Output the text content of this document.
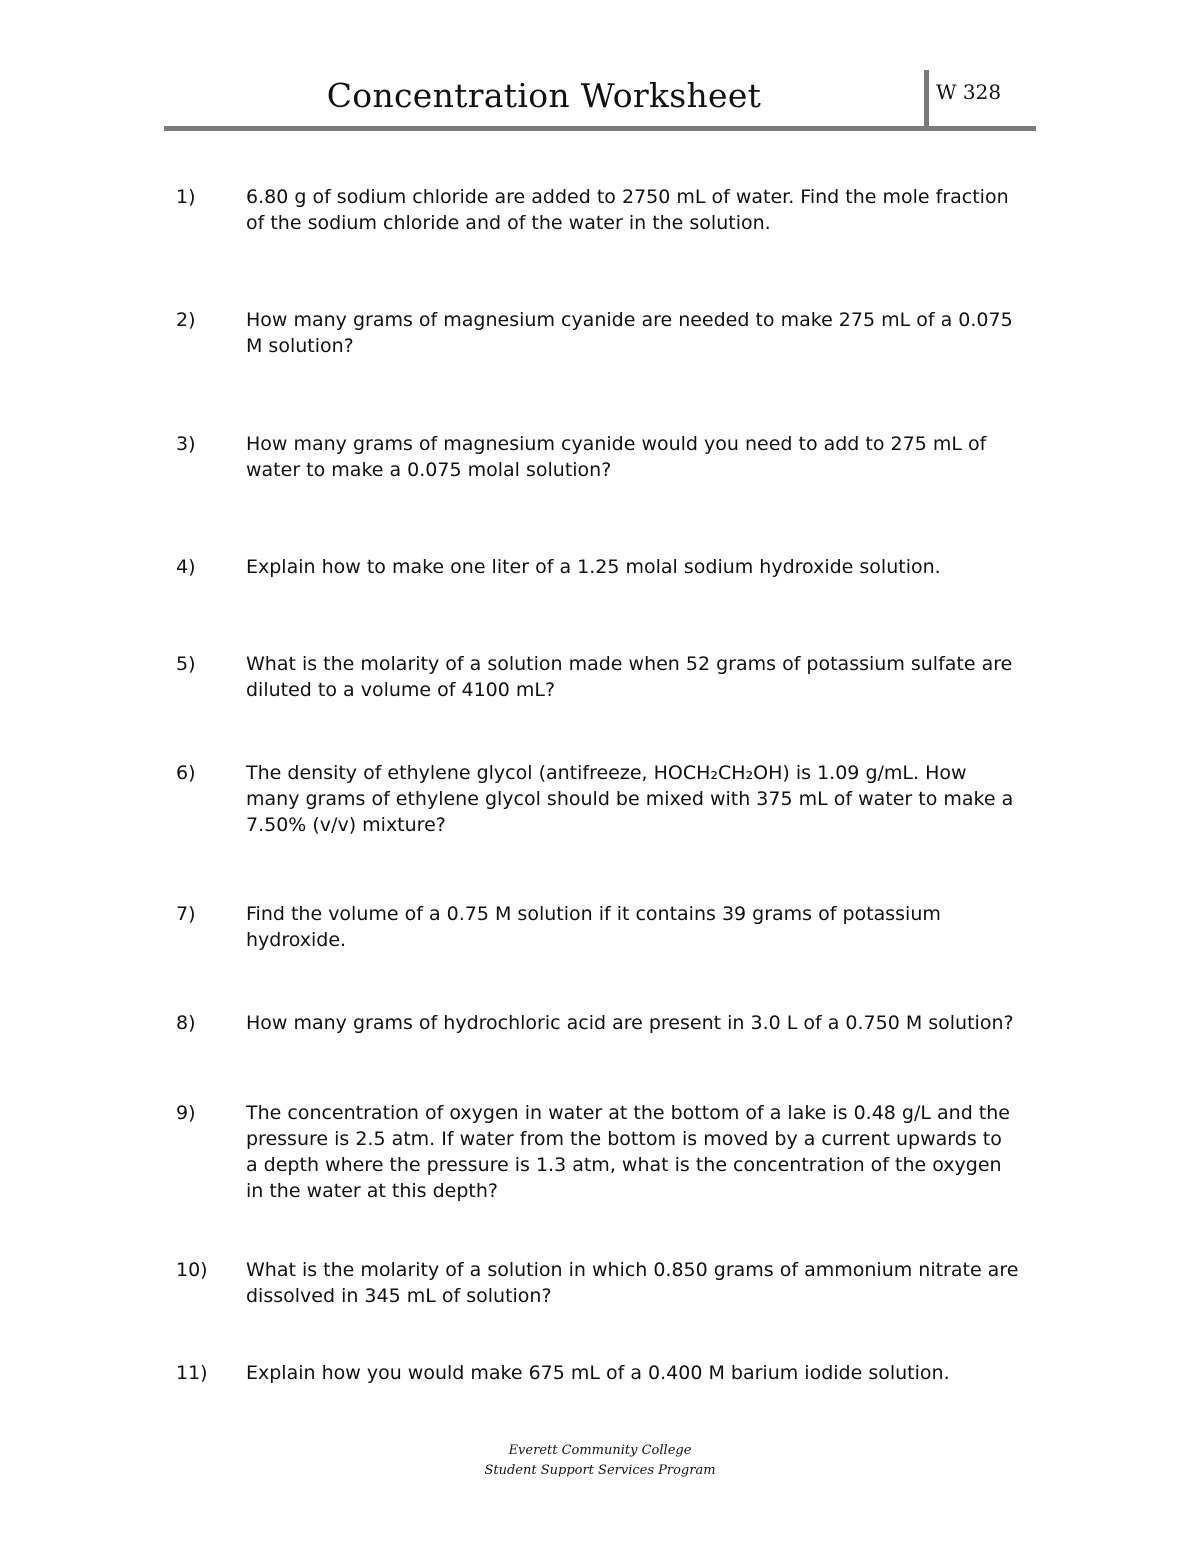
Concentration Worksheet	W 328
1)	6.80 g of sodium chloride are added to 2750 mL of water. Find the mole fraction
of the sodium chloride and of the water in the solution.
2)	How many grams of magnesium cyanide are needed to make 275 mL of a 0.075
M solution?
3)	How many grams of magnesium cyanide would you need to add to 275 mL of
water to make a 0.075 molal solution?
4)	Explain how to make one liter of a 1.25 molal sodium hydroxide solution.
5)	What is the molarity of a solution made when 52 grams of potassium sulfate are
diluted to a volume of 4100 mL?
6)	The density of ethylene glycol (antifreeze, HOCH₂CH₂OH) is 1.09 g/mL. How
many grams of ethylene glycol should be mixed with 375 mL of water to make a
7.50% (v/v) mixture?
7)	Find the volume of a 0.75 M solution if it contains 39 grams of potassium
hydroxide.
8)	How many grams of hydrochloric acid are present in 3.0 L of a 0.750 M solution?
9)	The concentration of oxygen in water at the bottom of a lake is 0.48 g/L and the
pressure is 2.5 atm. If water from the bottom is moved by a current upwards to
a depth where the pressure is 1.3 atm, what is the concentration of the oxygen
in the water at this depth?
10) What is the molarity of a solution in which 0.850 grams of ammonium nitrate are
dissolved in 345 mL of solution?
11) Explain how you would make 675 mL of a 0.400 M barium iodide solution.
Everett Community College
Student Support Services Program
